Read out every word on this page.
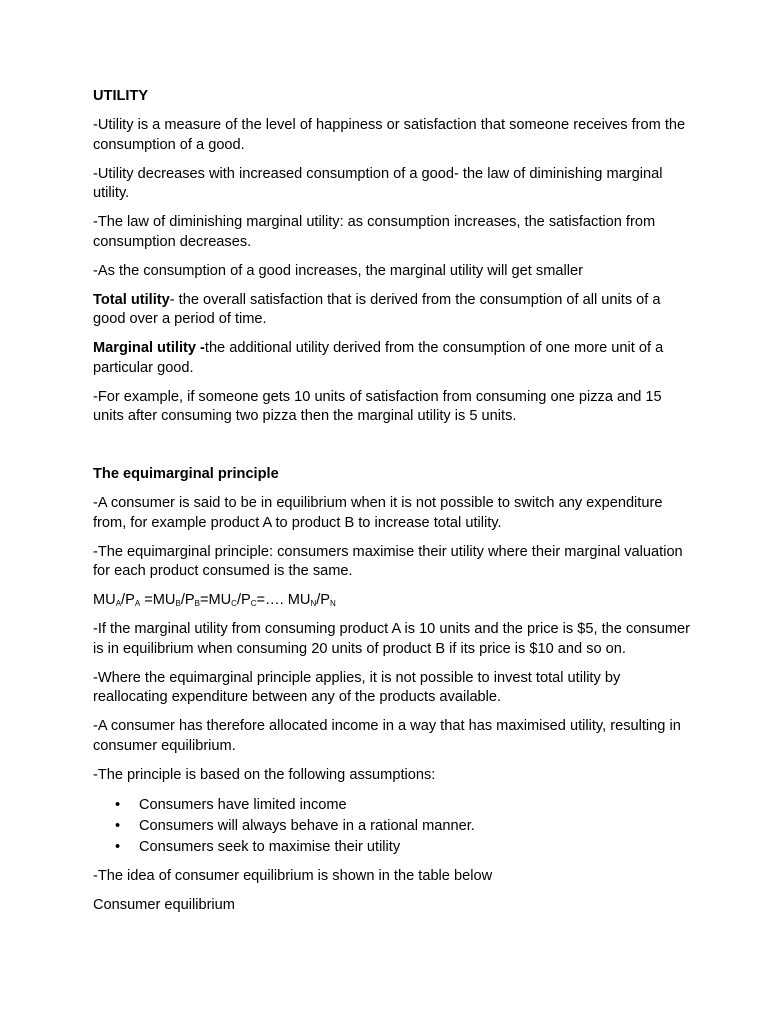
UTILITY

-Utility is a measure of the level of happiness or satisfaction that someone receives from the consumption of a good.

-Utility decreases with increased consumption of a good- the law of diminishing marginal utility.

-The law of diminishing marginal utility: as consumption increases, the satisfaction from consumption decreases.

-As the consumption of a good increases, the marginal utility will get smaller

Total utility- the overall satisfaction that is derived from the consumption of all units of a good over a period of time.

Marginal utility -the additional utility derived from the consumption of one more unit of a particular good.

-For example, if someone gets 10 units of satisfaction from consuming one pizza and 15 units after consuming two pizza then the marginal utility is 5 units.

The equimarginal principle

-A consumer is said to be in equilibrium when it is not possible to switch any expenditure from, for example product A to product B to increase total utility.

-The equimarginal principle: consumers maximise their utility where their marginal valuation for each product consumed is the same.

$MU_A/P_A$ $=MU_B/P_B=MU_C/P_C=\dots$. $MU_N/P_N$

-If the marginal utility from consuming product A is 10 units and the price is $5, the consumer is in equilibrium when consuming 20 units of product B if its price is $10 and so on.

-Where the equimarginal principle applies, it is not possible to invest total utility by reallocating expenditure between any of the products available.

-A consumer has therefore allocated income in a way that has maximised utility, resulting in consumer equilibrium.

-The principle is based on the following assumptions:

• Consumers have limited income
• Consumers will always behave in a rational manner.
• Consumers seek to maximise their utility

-The idea of consumer equilibrium is shown in the table below

Consumer equilibrium
